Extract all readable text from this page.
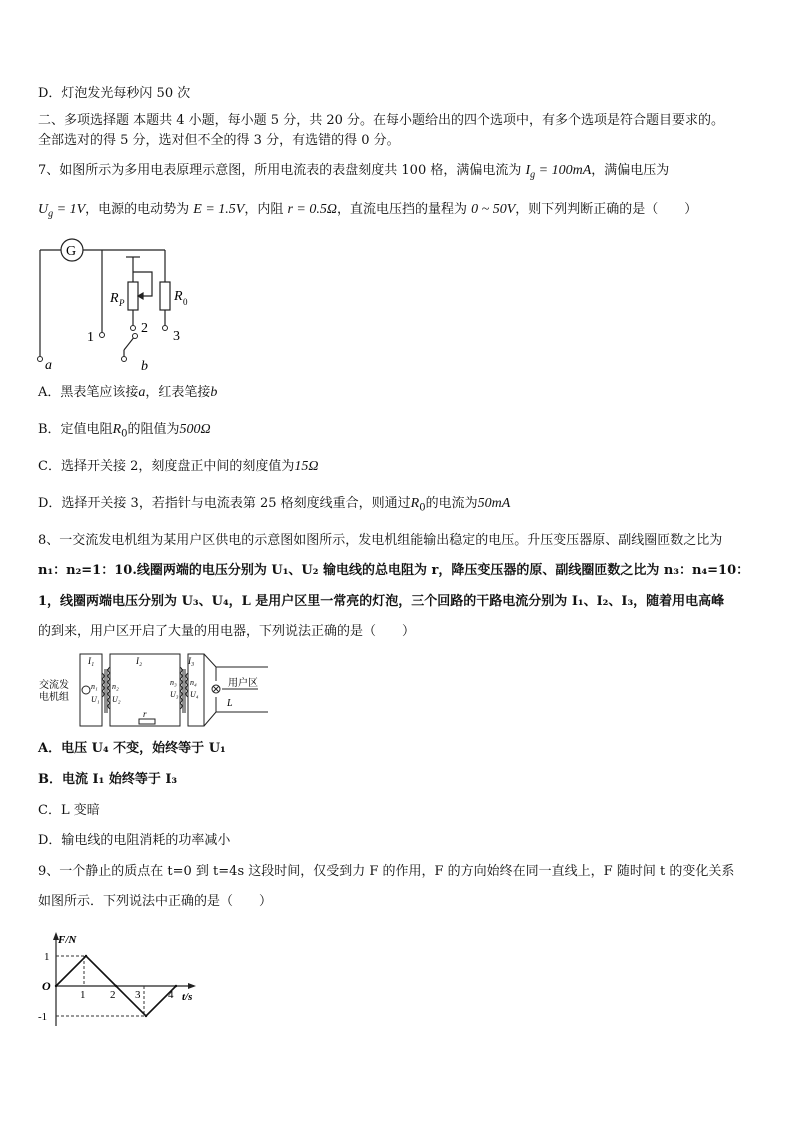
D．灯泡发光每秒闪 50 次
二、多项选择题 本题共 4 小题，每小题 5 分，共 20 分。在每小题给出的四个选项中，有多个选项是符合题目要求的。
全部选对的得 5 分，选对但不全的得 3 分，有选错的得 0 分。
7、如图所示为多用电表原理示意图，所用电流表的表盘刻度共 100 格，满偏电流为 $I_g = 100mA$，满偏电压为
$U_g = 1V$，电源的电动势为 E = 1.5V，内阻 r = 0.5Ω，直流电压挡的量程为 0 ~ 50V，则下列判断正确的是（　　）
G
R P	R 0
1
2
3
a	b
A．黑表笔应该接a，红表笔接b
B．定值电阻$R_0$的阻值为500Ω
C．选择开关接 2，刻度盘正中间的刻度值为15Ω
D．选择开关接 3，若指针与电流表第 25 格刻度线重合，则通过$R_0$的电流为50mA
8、一交流发电机组为某用户区供电的示意图如图所示，发电机组能输出稳定的电压。升压变压器原、副线圈匝数之比为
n₁：n₂=1：10.线圈两端的电压分别为 U₁、U₂ 输电线的总电阻为 r，降压变压器的原、副线圈匝数之比为 n₃：n₄=10：
1，线圈两端电压分别为 U₃、U₄，L 是用户区里一常亮的灯泡，三个回路的干路电流分别为 I₁、I₂、I₃，随着用电高峰
的到来，用户区开启了大量的用电器，下列说法正确的是（　　）
交流发
电机组
I₁	I₂	I₃
n₁ n₂
U₁ U₂
n₃ n₄
U₃ U₄
r
用户区
L
A．电压 U₄ 不变，始终等于 U₁
B．电流 I₁ 始终等于 I₃
C．L 变暗
D．输电线的电阻消耗的功率减小
9、一个静止的质点在 t=0 到 t=4s 这段时间，仅受到力 F 的作用，F 的方向始终在同一直线上，F 随时间 t 的变化关系
如图所示．下列说法中正确的是（　　）
F/N
t/s
O
1
-1
1 2 3	4
